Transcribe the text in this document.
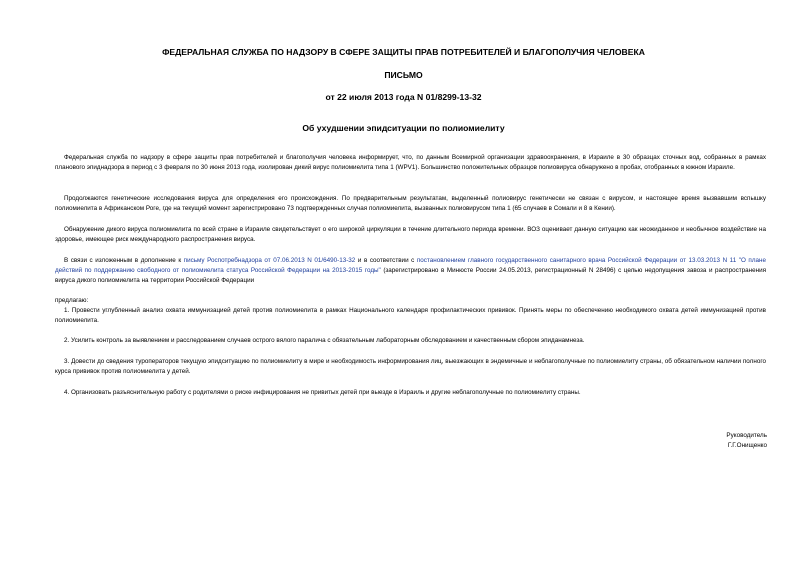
ФЕДЕРАЛЬНАЯ СЛУЖБА ПО НАДЗОРУ В СФЕРЕ ЗАЩИТЫ ПРАВ ПОТРЕБИТЕЛЕЙ И БЛАГОПОЛУЧИЯ ЧЕЛОВЕКА
ПИСЬМО
от 22 июля 2013 года N 01/8299-13-32
Об ухудшении эпидситуации по полиомиелиту
Федеральная служба по надзору в сфере защиты прав потребителей и благополучия человека информирует, что, по данным Всемирной организации здравоохранения, в Израиле в 30 образцах сточных вод, собранных в рамках планового эпиднадзора в период с 3 февраля по 30 июня 2013 года, изолирован дикий вирус полиомиелита типа 1 (WPV1). Большинство положительных образцов полиовируса обнаружено в пробах, отобранных в южном Израиле.
Продолжаются генетические исследования вируса для определения его происхождения. По предварительным результатам, выделенный полиовирус генетически не связан с вирусом, и настоящее время вызвавшим вспышку полиомиелита в Африканском Роге, где на текущий момент зарегистрировано 73 подтвержденных случая полиомиелита, вызванных полиовирусом типа 1 (65 случаев в Сомали и 8 в Кении).
Обнаружение дикого вируса полиомиелита по всей стране в Израиле свидетельствует о его широкой циркуляции в течение длительного периода времени. ВОЗ оценивает данную ситуацию как неожиданное и необычное воздействие на здоровье, имеющее риск международного распространения вируса.
В связи с изложенным в дополнение к письму Роспотребнадзора от 07.06.2013 N 01/6490-13-32 и в соответствии с постановлением главного государственного санитарного врача Российской Федерации от 13.03.2013 N 11 "О плане действий по поддержанию свободного от полиомиелита статуса Российской Федерации на 2013-2015 годы" (зарегистрировано в Минюсте России 24.05.2013, регистрационный N 28496) с целью недопущения завоза и распространения вируса дикого полиомиелита на территории Российской Федерации
предлагаю:
1. Провести углубленный анализ охвата иммунизацией детей против полиомиелита в рамках Национального календаря профилактических прививок. Принять меры по обеспечению необходимого охвата детей иммунизацией против полиомиелита.
2. Усилить контроль за выявлением и расследованием случаев острого вялого паралича с обязательным лабораторным обследованием и качественным сбором эпиданамнеза.
3. Довести до сведения туроператоров текущую эпидситуацию по полиомиелиту в мире и необходимость информирования лиц, выезжающих в эндемичные и неблагополучные по полиомиелиту страны, об обязательном наличии полного курса прививок против полиомиелита у детей.
4. Организовать разъяснительную работу с родителями о риске инфицирования не привитых детей при выезде в Израиль и другие неблагополучные по полиомиелиту страны.
Руководитель
Г.Г.Онищенко
